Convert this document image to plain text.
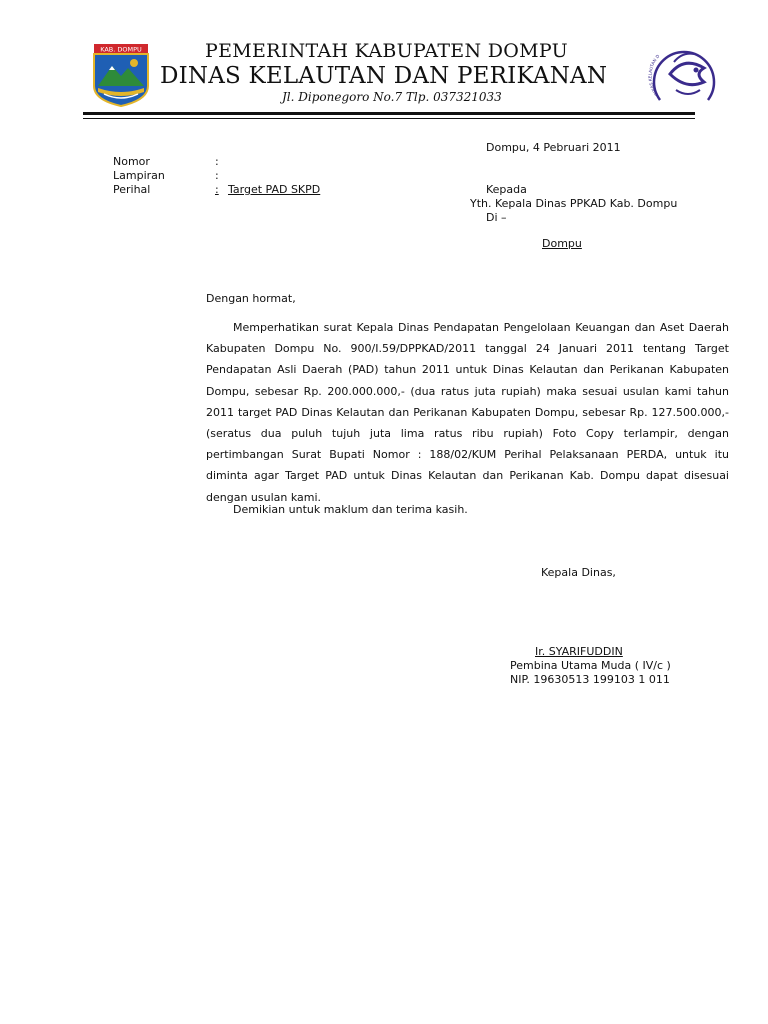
KAB. DOMPU	PEMERINTAH KABUPATEN DOMPU
DINAS KELAUTAN DAN PERIKANAN
Jl. Diponegoro No.7 Tlp. 037321033	DINAS KELAUTAN D
Dompu, 4 Pebruari 2011
Nomor	:
Lampiran	:
Perihal	: Target PAD SKPD	Kepada
Yth. Kepala Dinas PPKAD Kab. Dompu
Di –
Dompu
Dengan hormat,

Memperhatikan surat Kepala Dinas Pendapatan Pengelolaan Keuangan dan Aset Daerah Kabupaten Dompu No. 900/I.59/DPPKAD/2011 tanggal 24 Januari 2011 tentang Target Pendapatan Asli Daerah (PAD) tahun 2011 untuk Dinas Kelautan dan Perikanan Kabupaten Dompu, sebesar Rp. 200.000.000,- (dua ratus juta rupiah) maka sesuai usulan kami tahun 2011 target PAD Dinas Kelautan dan Perikanan Kabupaten Dompu, sebesar Rp. 127.500.000,- (seratus dua puluh tujuh juta lima ratus ribu rupiah) Foto Copy terlampir, dengan pertimbangan Surat Bupati Nomor : 188/02/KUM Perihal Pelaksanaan PERDA, untuk itu diminta agar Target PAD untuk Dinas Kelautan dan Perikanan Kab. Dompu dapat disesuai dengan usulan kami.

Demikian untuk maklum dan terima kasih.
Kepala Dinas,
Ir. SYARIFUDDIN
Pembina Utama Muda ( IV/c )
NIP. 19630513 199103 1 011
